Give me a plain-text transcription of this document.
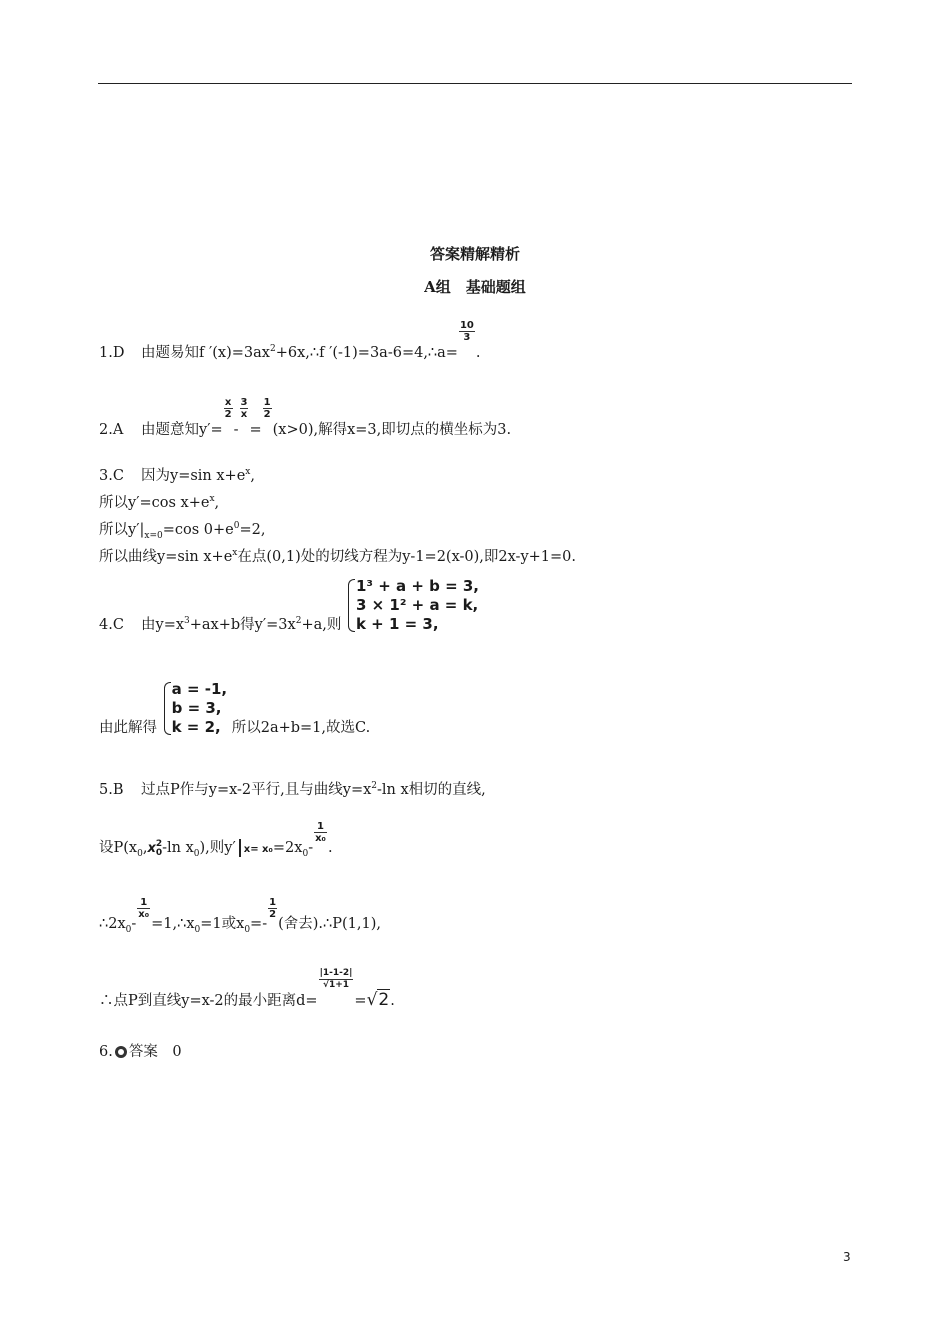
答案精解精析
A组　基础题组
1.D 由题易知f $'(x)=3ax^2+6x,\therefore f$ ′(-1)=3a-6=4,∴a=
$\frac{10}{3}$
.
2.A 由题意知y′=
$\frac{x}{2}$
-
$\frac{3}{x}$
=
$\frac{1}{2}$
(x>0),解得x=3,即切点的横坐标为3.
3.C 因为y=sin $x+e^x$,
所以y′=cos $x+e^x$,
所以$y'|_{x=0}=\cos$ $0+e^0=2$,
所以曲线y=sin $x+e^x$在点(0,1)处的切线方程为y-1=2(x-0),即2x-y+1=0.
4.C 由$y=x^3+ax+b$得$y'=3x^2+a$,则
1³ + a + b = 3,
3 × 1² + a = k,
k + 1 = 3,
由此解得
a = -1,
b = 3,
k = 2, 所以2a+b=1,故选C.
5.B 过点P作与y=x-2平行,且与曲线$y=x^2-\ln$ x相切的直线,
设$P(x_0,x$ 2
0 -ln $x_0$),则y′ $x= x_0=2x_0-$
$\frac{1}{\text{x₀}}$
.
$\therefore 2x_0-$
$\frac{1}{\text{x₀}}$
$=1,\therefore x_0=1$或$x_0=-$
$\frac{1}{2}$
(舍去).∴P(1,1),
∴点P到直线y=x-2的最小距离d=
$\frac{|1-1-2|}{√1+1}$
=√2.
6. 答案　 0
3
